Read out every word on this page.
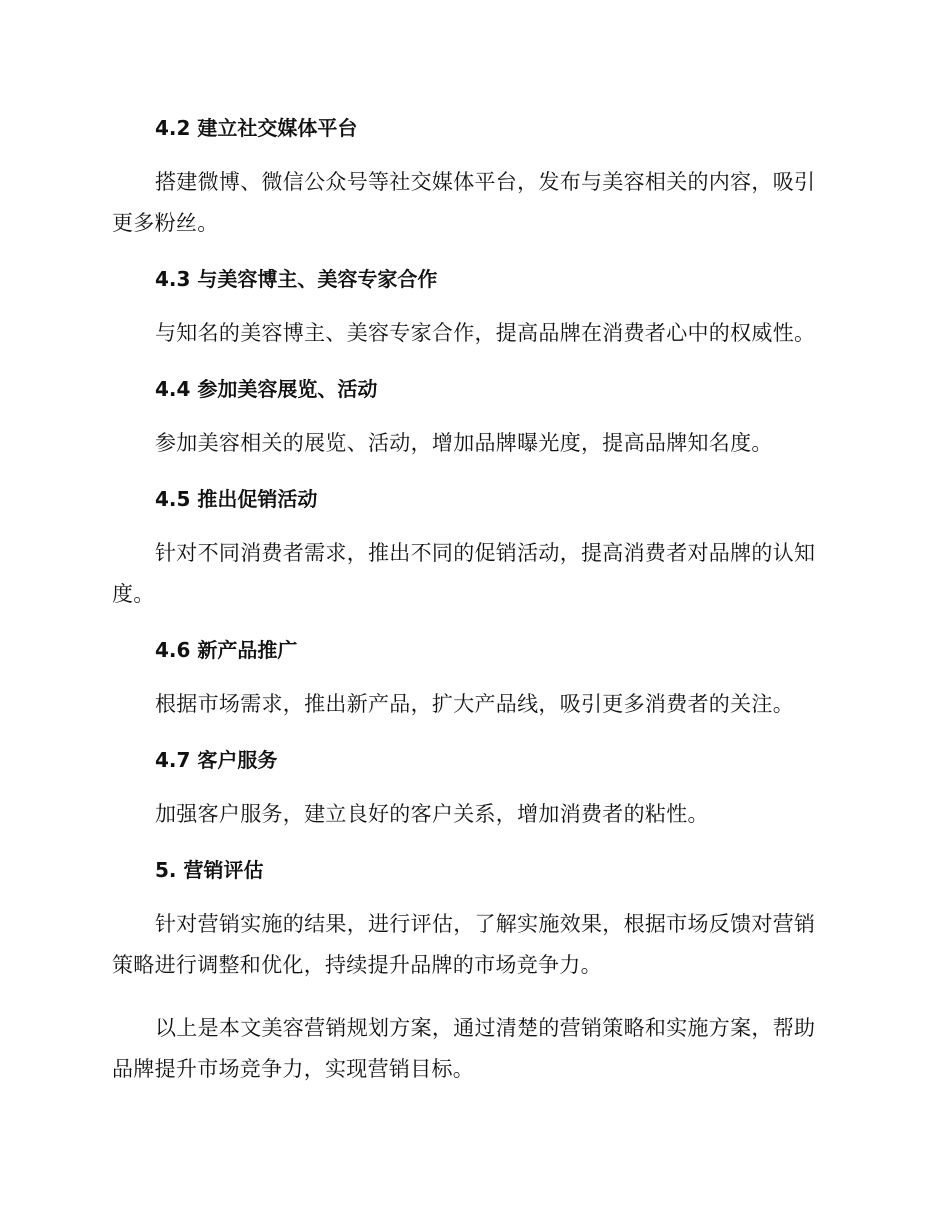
4.2 建立社交媒体平台
搭建微博、微信公众号等社交媒体平台，发布与美容相关的内容，吸引更多粉丝。
4.3 与美容博主、美容专家合作
与知名的美容博主、美容专家合作，提高品牌在消费者心中的权威性。
4.4 参加美容展览、活动
参加美容相关的展览、活动，增加品牌曝光度，提高品牌知名度。
4.5 推出促销活动
针对不同消费者需求，推出不同的促销活动，提高消费者对品牌的认知度。
4.6 新产品推广
根据市场需求，推出新产品，扩大产品线，吸引更多消费者的关注。
4.7 客户服务
加强客户服务，建立良好的客户关系，增加消费者的粘性。
5. 营销评估
针对营销实施的结果，进行评估，了解实施效果，根据市场反馈对营销策略进行调整和优化，持续提升品牌的市场竞争力。
以上是本文美容营销规划方案，通过清楚的营销策略和实施方案，帮助品牌提升市场竞争力，实现营销目标。
